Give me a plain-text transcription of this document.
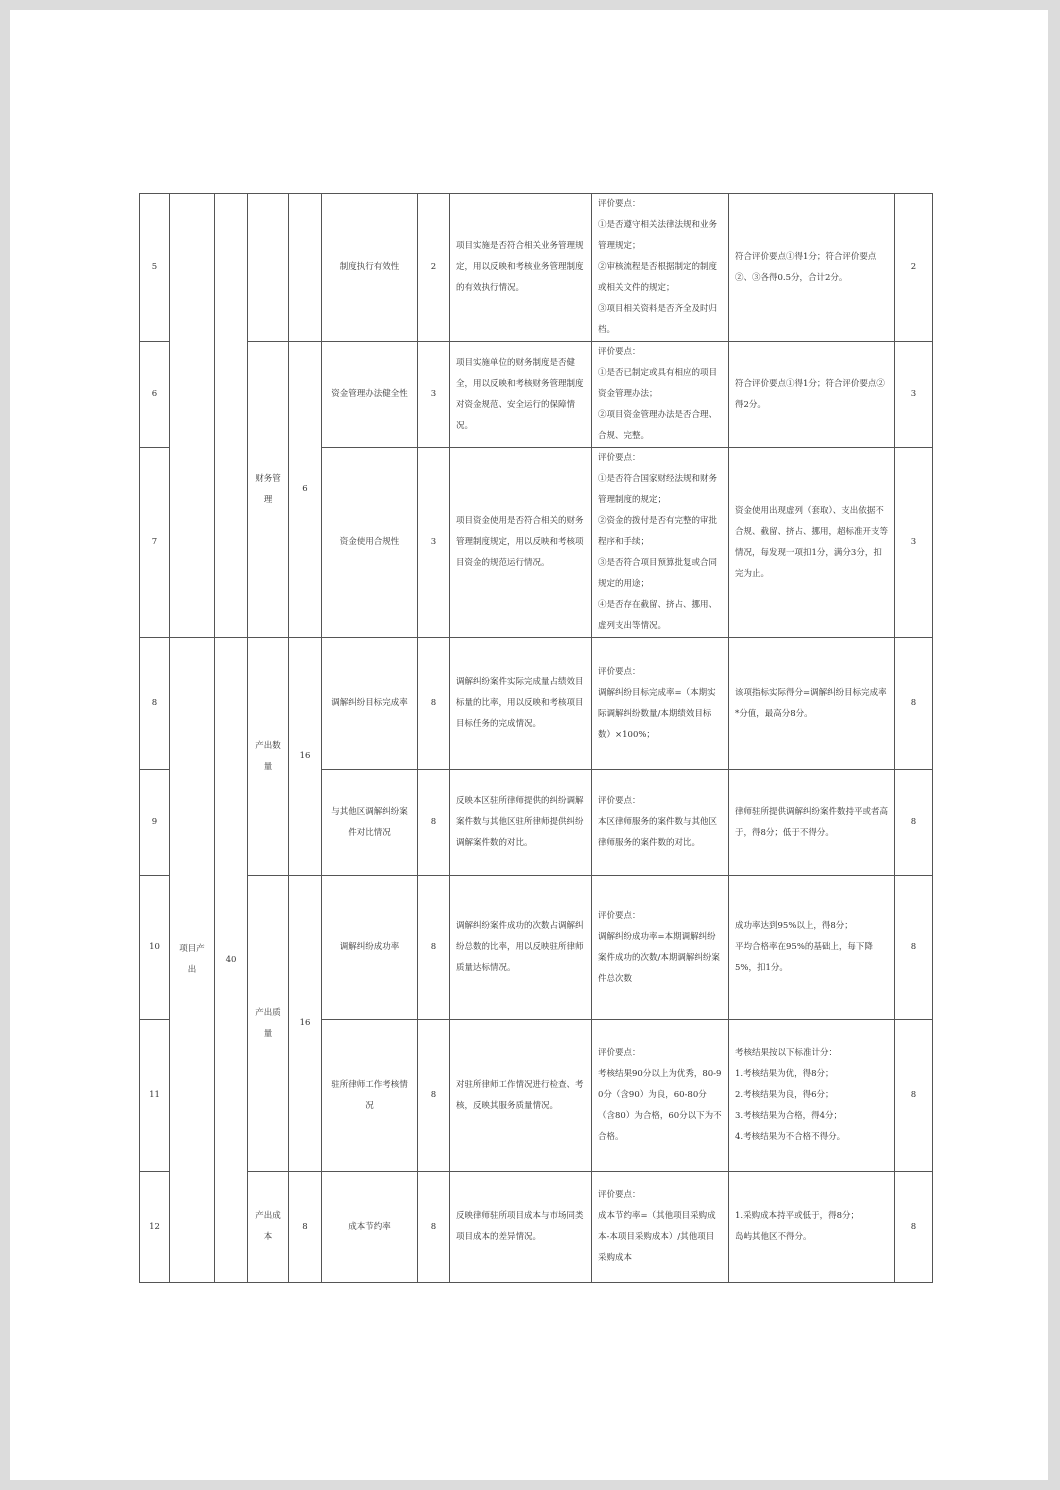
5					制度执行有效性	2	项目实施是否符合相关业务管理规定，用以反映和考核业务管理制度的有效执行情况。	评价要点：
①是否遵守相关法律法规和业务管理规定；
②审核流程是否根据制定的制度或相关文件的规定；
③项目相关资料是否齐全及时归档。	符合评价要点①得1分；符合评价要点②、③各得0.5分，合计2分。	2
6			财务管理	6	资金管理办法健全性	3	项目实施单位的财务制度是否健全，用以反映和考核财务管理制度对资金规范、安全运行的保障情况。	评价要点：
①是否已制定或具有相应的项目资金管理办法；
②项目资金管理办法是否合理、合规、完整。	符合评价要点①得1分；符合评价要点②得2分。	3
7					资金使用合规性	3	项目资金使用是否符合相关的财务管理制度规定，用以反映和考核项目资金的规范运行情况。	评价要点：
①是否符合国家财经法规和财务管理制度的规定；
②资金的拨付是否有完整的审批程序和手续；
③是否符合项目预算批复或合同规定的用途；
④是否存在截留、挤占、挪用、虚列支出等情况。	资金使用出现虚列（套取）、支出依据不合规、截留、挤占、挪用，超标准开支等情况，每发现一项扣1分，满分3分，扣完为止。	3
8	项目产出	40	产出数量	16	调解纠纷目标完成率	8	调解纠纷案件实际完成量占绩效目标量的比率，用以反映和考核项目目标任务的完成情况。	评价要点：
调解纠纷目标完成率=（本期实际调解纠纷数量/本期绩效目标数）×100%；	该项指标实际得分=调解纠纷目标完成率*分值，最高分8分。	8
9					与其他区调解纠纷案件对比情况	8	反映本区驻所律师提供的纠纷调解案件数与其他区驻所律师提供纠纷调解案件数的对比。	评价要点：
本区律师服务的案件数与其他区律师服务的案件数的对比。	律师驻所提供调解纠纷案件数持平或者高于，得8分；低于不得分。	8
10			产出质量	16	调解纠纷成功率	8	调解纠纷案件成功的次数占调解纠纷总数的比率，用以反映驻所律师质量达标情况。	评价要点：
调解纠纷成功率=本期调解纠纷案件成功的次数/本期调解纠纷案件总次数	成功率达到95%以上，得8分；
平均合格率在95%的基础上，每下降5%，扣1分。	8
11					驻所律师工作考核情况	8	对驻所律师工作情况进行检查、考核，反映其服务质量情况。	评价要点：
考核结果90分以上为优秀，80-90分（含90）为良，60-80分（含80）为合格，60分以下为不合格。	考核结果按以下标准计分：
1.考核结果为优，得8分；
2.考核结果为良，得6分；
3.考核结果为合格，得4分；
4.考核结果为不合格不得分。	8
12			产出成本	8	成本节约率	8	反映律师驻所项目成本与市场同类项目成本的差异情况。	评价要点：
成本节约率=（其他项目采购成本-本项目采购成本）/其他项目采购成本	1.采购成本持平或低于，得8分；
岛屿其他区不得分。	8
